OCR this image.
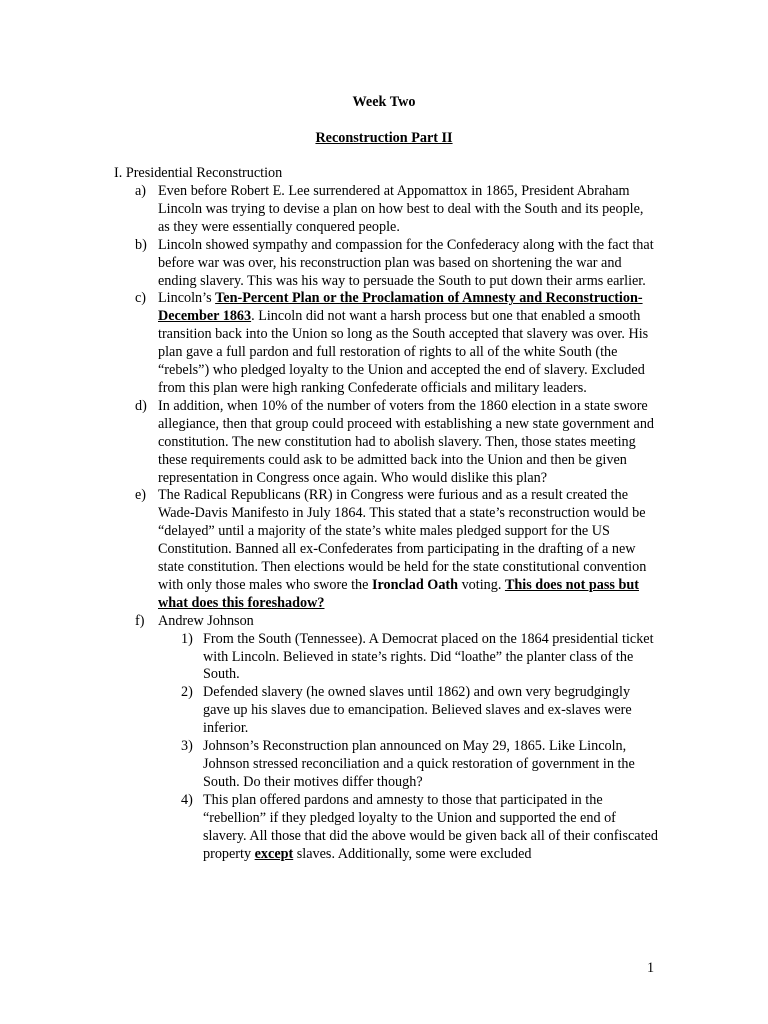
Week Two
Reconstruction Part II
I. Presidential Reconstruction
a) Even before Robert E. Lee surrendered at Appomattox in 1865, President Abraham Lincoln was trying to devise a plan on how best to deal with the South and its people, as they were essentially conquered people.
b) Lincoln showed sympathy and compassion for the Confederacy along with the fact that before war was over, his reconstruction plan was based on shortening the war and ending slavery. This was his way to persuade the South to put down their arms earlier.
c) Lincoln’s Ten-Percent Plan or the Proclamation of Amnesty and Reconstruction- December 1863. Lincoln did not want a harsh process but one that enabled a smooth transition back into the Union so long as the South accepted that slavery was over. His plan gave a full pardon and full restoration of rights to all of the white South (the “rebels”) who pledged loyalty to the Union and accepted the end of slavery. Excluded from this plan were high ranking Confederate officials and military leaders.
d) In addition, when 10% of the number of voters from the 1860 election in a state swore allegiance, then that group could proceed with establishing a new state government and constitution. The new constitution had to abolish slavery. Then, those states meeting these requirements could ask to be admitted back into the Union and then be given representation in Congress once again. Who would dislike this plan?
e) The Radical Republicans (RR) in Congress were furious and as a result created the Wade-Davis Manifesto in July 1864. This stated that a state’s reconstruction would be “delayed” until a majority of the state’s white males pledged support for the US Constitution. Banned all ex-Confederates from participating in the drafting of a new state constitution. Then elections would be held for the state constitutional convention with only those males who swore the Ironclad Oath voting. This does not pass but what does this foreshadow?
f) Andrew Johnson
1) From the South (Tennessee). A Democrat placed on the 1864 presidential ticket with Lincoln. Believed in state’s rights. Did “loathe” the planter class of the South.
2) Defended slavery (he owned slaves until 1862) and own very begrudgingly gave up his slaves due to emancipation. Believed slaves and ex-slaves were inferior.
3) Johnson’s Reconstruction plan announced on May 29, 1865. Like Lincoln, Johnson stressed reconciliation and a quick restoration of government in the South. Do their motives differ though?
4) This plan offered pardons and amnesty to those that participated in the “rebellion” if they pledged loyalty to the Union and supported the end of slavery. All those that did the above would be given back all of their confiscated property except slaves. Additionally, some were excluded
1
